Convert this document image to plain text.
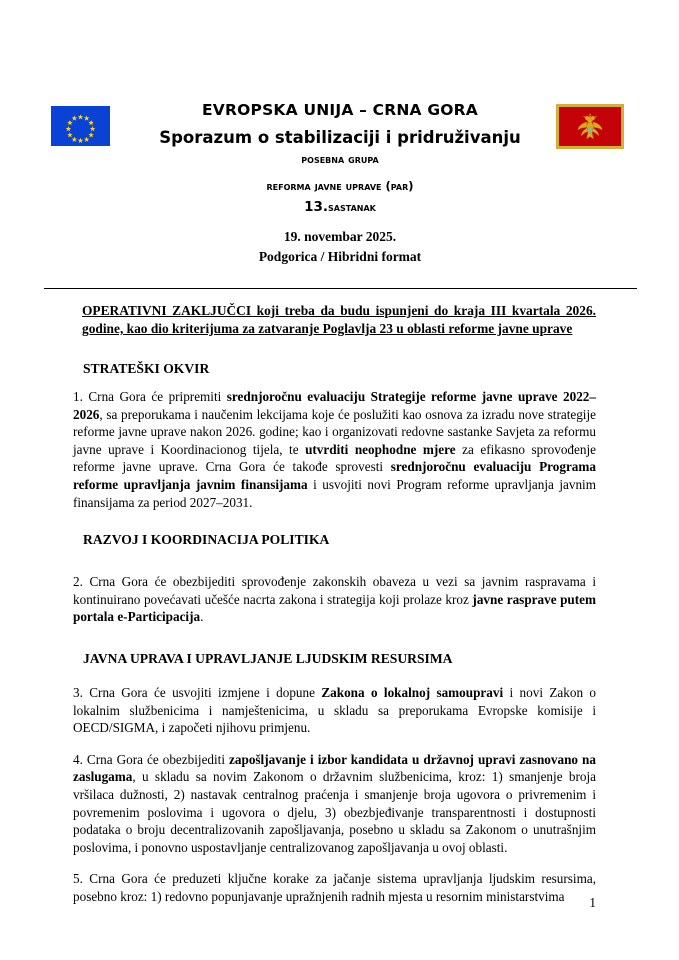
EVROPSKA UNIJA – CRNA GORA
Sporazum o stabilizaciji i pridruživanju
posebna grupa
reforma javne uprave (par)
13.sastanak
19. novembar 2025.
Podgorica / Hibridni format
OPERATIVNI ZAKLJUČCI koji treba da budu ispunjeni do kraja III kvartala 2026. godine, kao dio kriterijuma za zatvaranje Poglavlja 23 u oblasti reforme javne uprave
STRATEŠKI OKVIR

1. Crna Gora će pripremiti srednjoročnu evaluaciju Strategije reforme javne uprave 2022–2026, sa preporukama i naučenim lekcijama koje će poslužiti kao osnova za izradu nove strategije reforme javne uprave nakon 2026. godine; kao i organizovati redovne sastanke Savjeta za reformu javne uprave i Koordinacionog tijela, te utvrditi neophodne mjere za efikasno sprovođenje reforme javne uprave. Crna Gora će takođe sprovesti srednjoročnu evaluaciju Programa reforme upravljanja javnim finansijama i usvojiti novi Program reforme upravljanja javnim finansijama za period 2027–2031.

RAZVOJ I KOORDINACIJA POLITIKA

2. Crna Gora će obezbijediti sprovođenje zakonskih obaveza u vezi sa javnim raspravama i kontinuirano povećavati učešće nacrta zakona i strategija koji prolaze kroz javne rasprave putem portala e-Participacija.

JAVNA UPRAVA I UPRAVLJANJE LJUDSKIM RESURSIMA

3. Crna Gora će usvojiti izmjene i dopune Zakona o lokalnoj samoupravi i novi Zakon o lokalnim službenicima i namještenicima, u skladu sa preporukama Evropske komisije i OECD/SIGMA, i započeti njihovu primjenu.

4. Crna Gora će obezbijediti zapošljavanje i izbor kandidata u državnoj upravi zasnovano na zaslugama, u skladu sa novim Zakonom o državnim službenicima, kroz: 1) smanjenje broja vršilaca dužnosti, 2) nastavak centralnog praćenja i smanjenje broja ugovora o privremenim i povremenim poslovima i ugovora o djelu, 3) obezbjeđivanje transparentnosti i dostupnosti podataka o broju decentralizovanih zapošljavanja, posebno u skladu sa Zakonom o unutrašnjim poslovima, i ponovno uspostavljanje centralizovanog zapošljavanja u ovoj oblasti.

5. Crna Gora će preduzeti ključne korake za jačanje sistema upravljanja ljudskim resursima, posebno kroz: 1) redovno popunjavanje upražnjenih radnih mjesta u resornim ministarstvima	1
